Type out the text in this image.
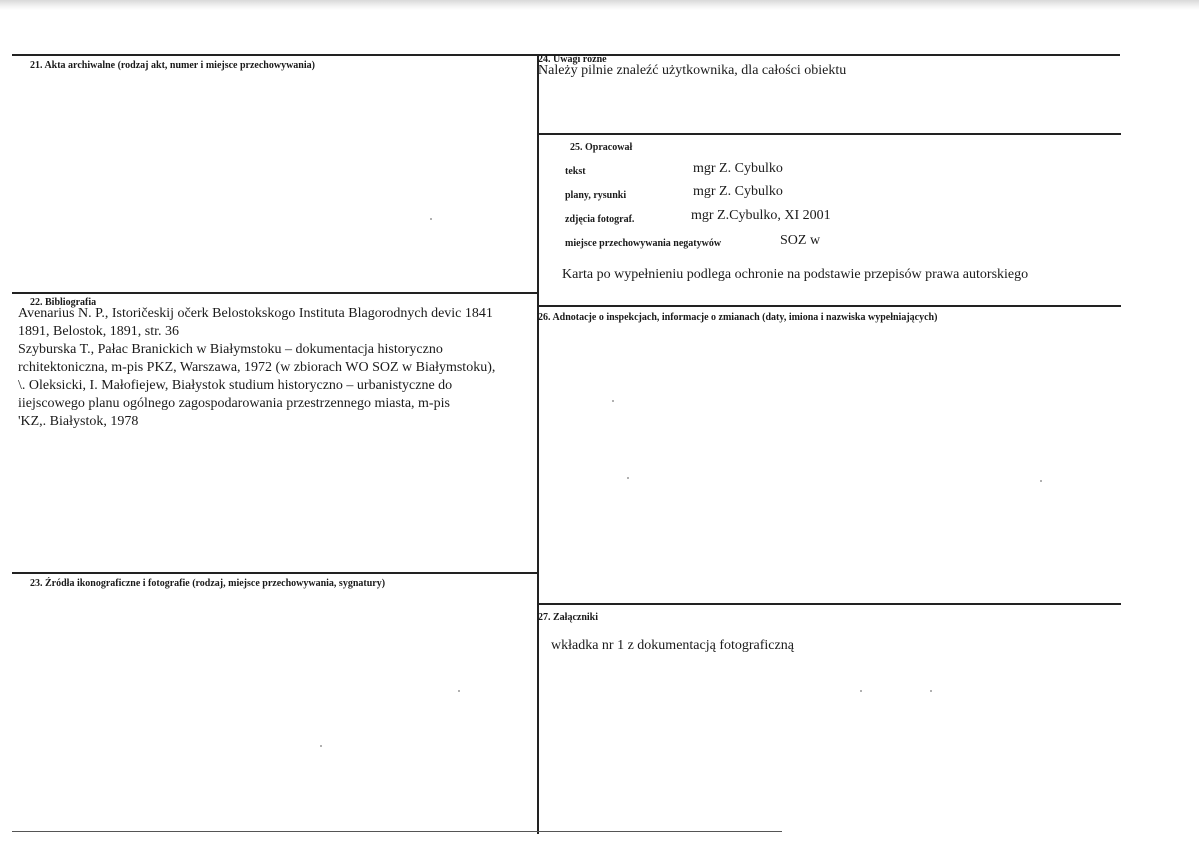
21. Akta archiwalne (rodzaj akt, numer i miejsce przechowywania)
24. Uwagi różne
Należy pilnie znaleźć użytkownika, dla całości obiektu
25. Opracował
tekst	mgr Z. Cybulko
plany, rysunki	mgr Z. Cybulko
zdjęcia fotograf.	mgr Z.Cybulko, XI 2001
miejsce przechowywania negatywów	SOZ w
Karta po wypełnieniu podlega ochronie na podstawie przepisów prawa autorskiego
22. Bibliografia
Avenarius N. P., Istoričeskij očerk Belostokskogo Instituta Blagorodnych devic 1841
1891, Belostok, 1891, str. 36
Szyburska T., Pałac Branickich w Białymstoku – dokumentacja historyczno
rchitektoniczna, m-pis PKZ, Warszawa, 1972 (w zbiorach WO SOZ w Białymstoku),
\. Oleksicki, I. Małofiejew, Białystok studium historyczno – urbanistyczne do
iiejscowego planu ogólnego zagospodarowania przestrzennego miasta, m-pis
'KZ,. Białystok, 1978
26. Adnotacje o inspekcjach, informacje o zmianach (daty, imiona i nazwiska wypełniających)
23. Źródła ikonograficzne i fotografie (rodzaj, miejsce przechowywania, sygnatury)
27. Załączniki
wkładka nr 1 z dokumentacją fotograficzną
